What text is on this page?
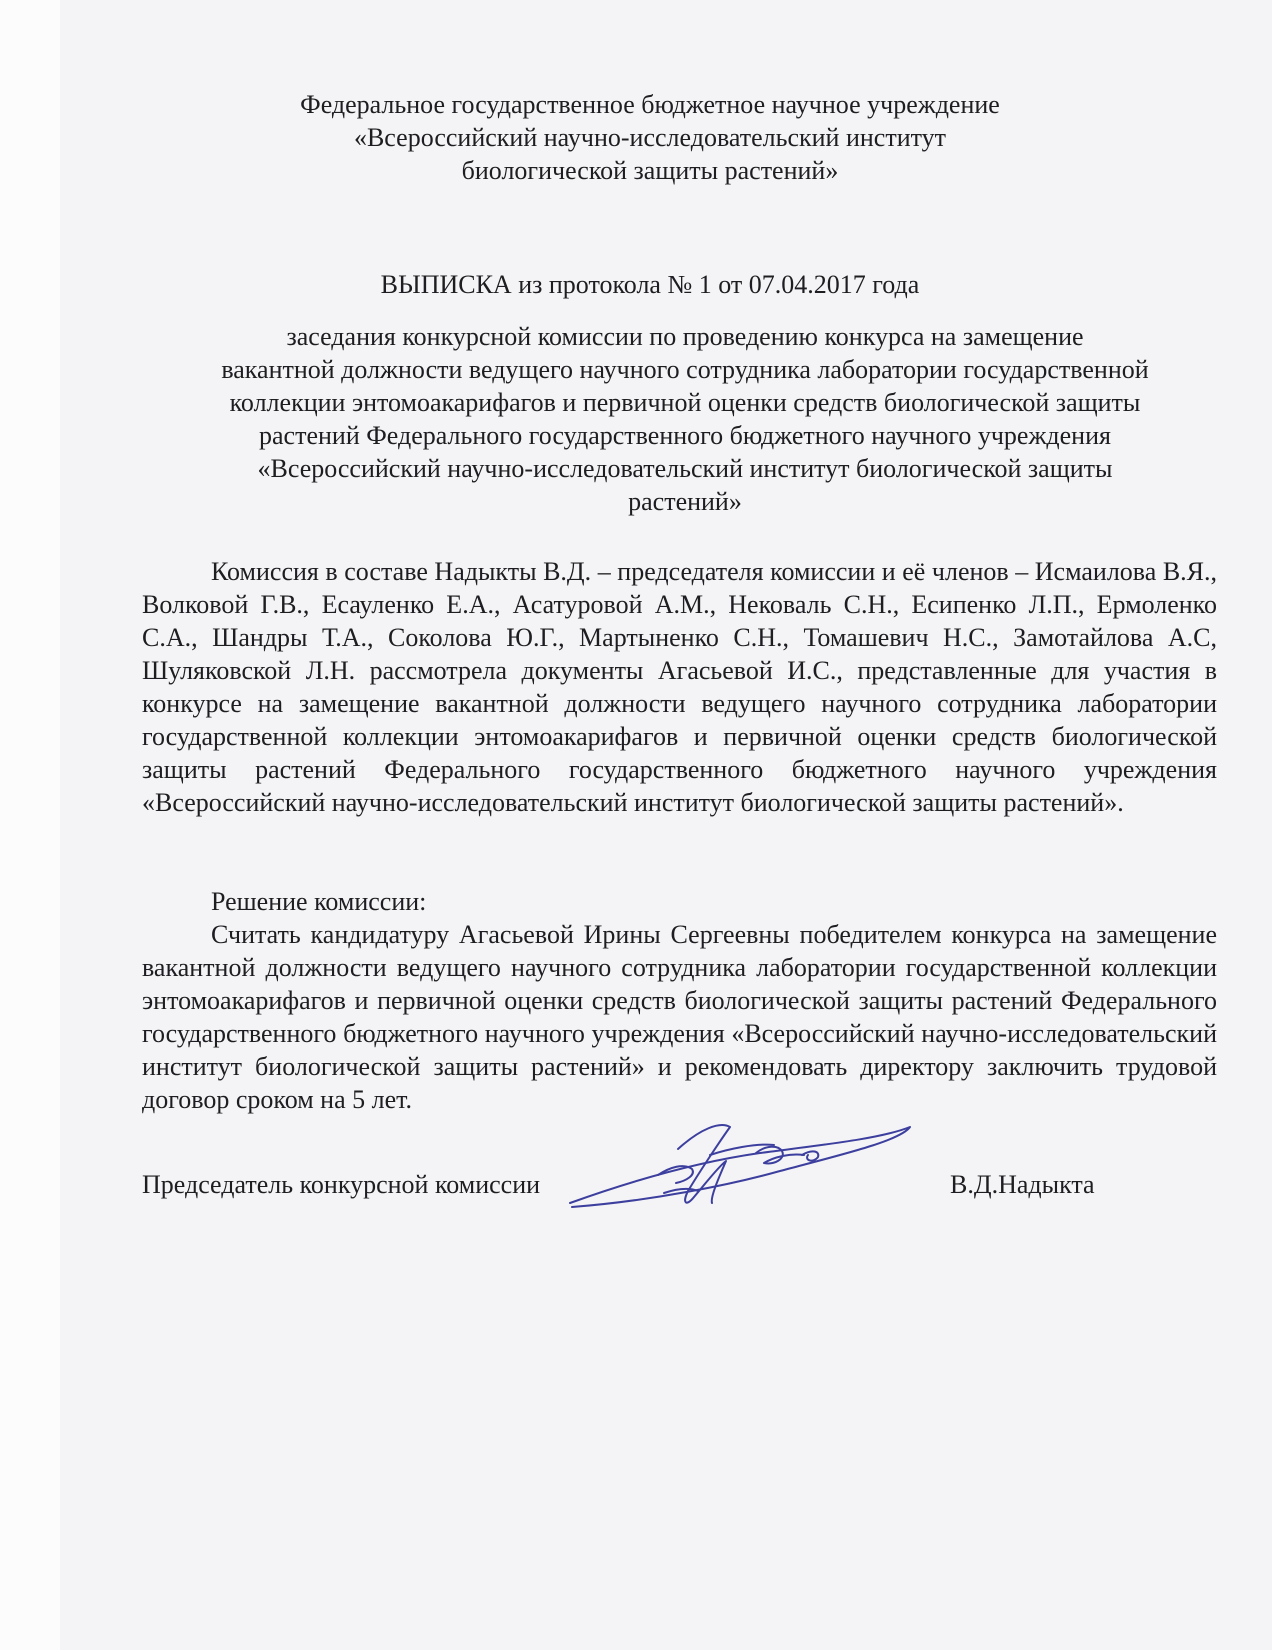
Федеральное государственное бюджетное научное учреждение
«Всероссийский научно-исследовательский институт
биологической защиты растений»
ВЫПИСКА из протокола № 1 от 07.04.2017 года
заседания конкурсной комиссии по проведению конкурса на замещение
вакантной должности ведущего научного сотрудника лаборатории государственной
коллекции энтомоакарифагов и первичной оценки средств биологической защиты
растений Федерального государственного бюджетного научного учреждения
«Всероссийский научно-исследовательский институт биологической защиты
растений»

Комиссия в составе Надыкты В.Д. – председателя комиссии и её членов – Исмаилова В.Я., Волковой Г.В., Есауленко Е.А., Асатуровой А.М., Нековаль С.Н., Есипенко Л.П., Ермоленко С.А., Шандры Т.А., Соколова Ю.Г., Мартыненко С.Н., Томашевич Н.С., Замотайлова А.С, Шуляковской Л.Н. рассмотрела документы Агасьевой И.С., представленные для участия в конкурсе на замещение вакантной должности ведущего научного сотрудника лаборатории государственной коллекции энтомоакарифагов и первичной оценки средств биологической защиты растений Федерального государственного бюджетного научного учреждения «Всероссийский научно-исследовательский институт биологической защиты растений».

Решение комиссии:

Считать кандидатуру Агасьевой Ирины Сергеевны победителем конкурса на замещение вакантной должности ведущего научного сотрудника лаборатории государственной коллекции энтомоакарифагов и первичной оценки средств биологической защиты растений Федерального государственного бюджетного научного учреждения «Всероссийский научно-исследовательский институт биологической защиты растений» и рекомендовать директору заключить трудовой договор сроком на 5 лет.

Председатель конкурсной комиссии	В.Д.Надыкта
